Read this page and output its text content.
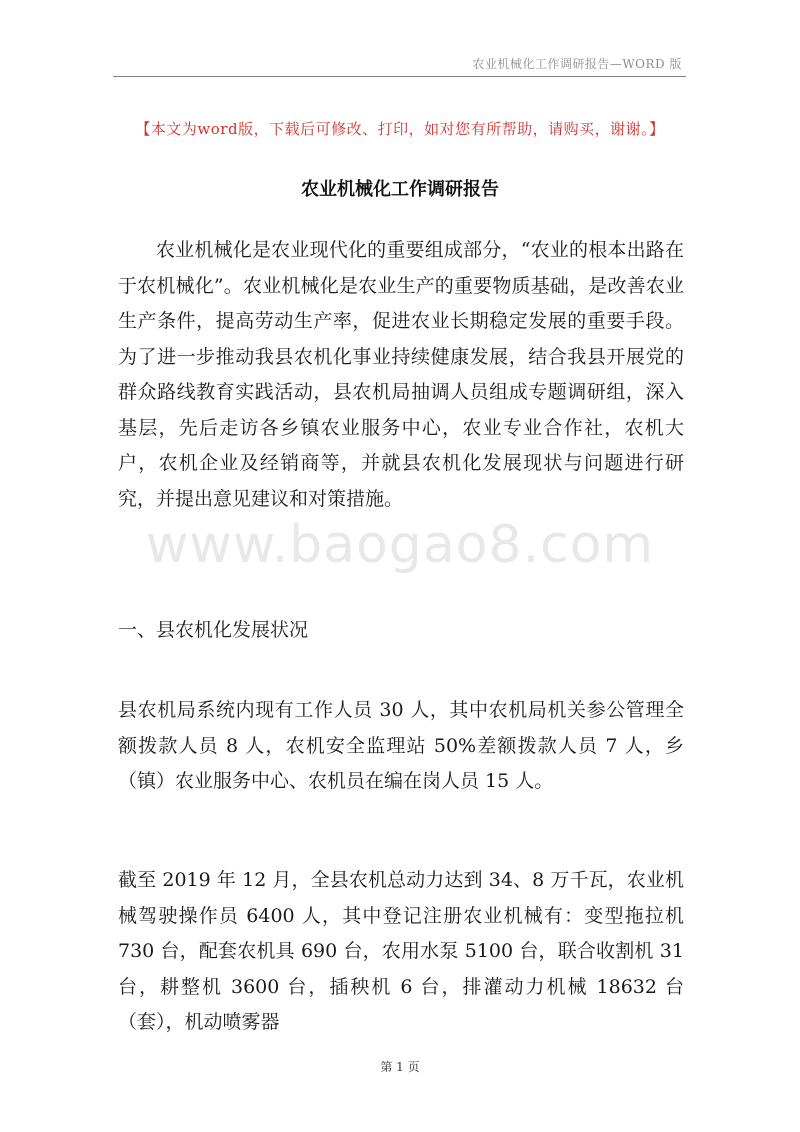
农业机械化工作调研报告—WORD 版
【本文为word版，下载后可修改、打印，如对您有所帮助，请购买，谢谢。】
农业机械化工作调研报告

农业机械化是农业现代化的重要组成部分，“农业的根本出路在于农机械化”。农业机械化是农业生产的重要物质基础，是改善农业生产条件，提高劳动生产率，促进农业长期稳定发展的重要手段。为了进一步推动我县农机化事业持续健康发展，结合我县开展党的群众路线教育实践活动，县农机局抽调人员组成专题调研组，深入基层，先后走访各乡镇农业服务中心，农业专业合作社，农机大户，农机企业及经销商等，并就县农机化发展现状与问题进行研究，并提出意见建议和对策措施。

一、县农机化发展状况

县农机局系统内现有工作人员 30 人，其中农机局机关参公管理全额拨款人员 8 人，农机安全监理站 50%差额拨款人员 7 人，乡（镇）农业服务中心、农机员在编在岗人员 15 人。

截至 2019 年 12 月，全县农机总动力达到 34、8 万千瓦，农业机械驾驶操作员 6400 人，其中登记注册农业机械有：变型拖拉机 730 台，配套农机具 690 台，农用水泵 5100 台，联合收割机 31 台，耕整机 3600 台，插秧机 6 台，排灌动力机械 18632 台（套），机动喷雾器

www.baogao8.com
第 1 页
